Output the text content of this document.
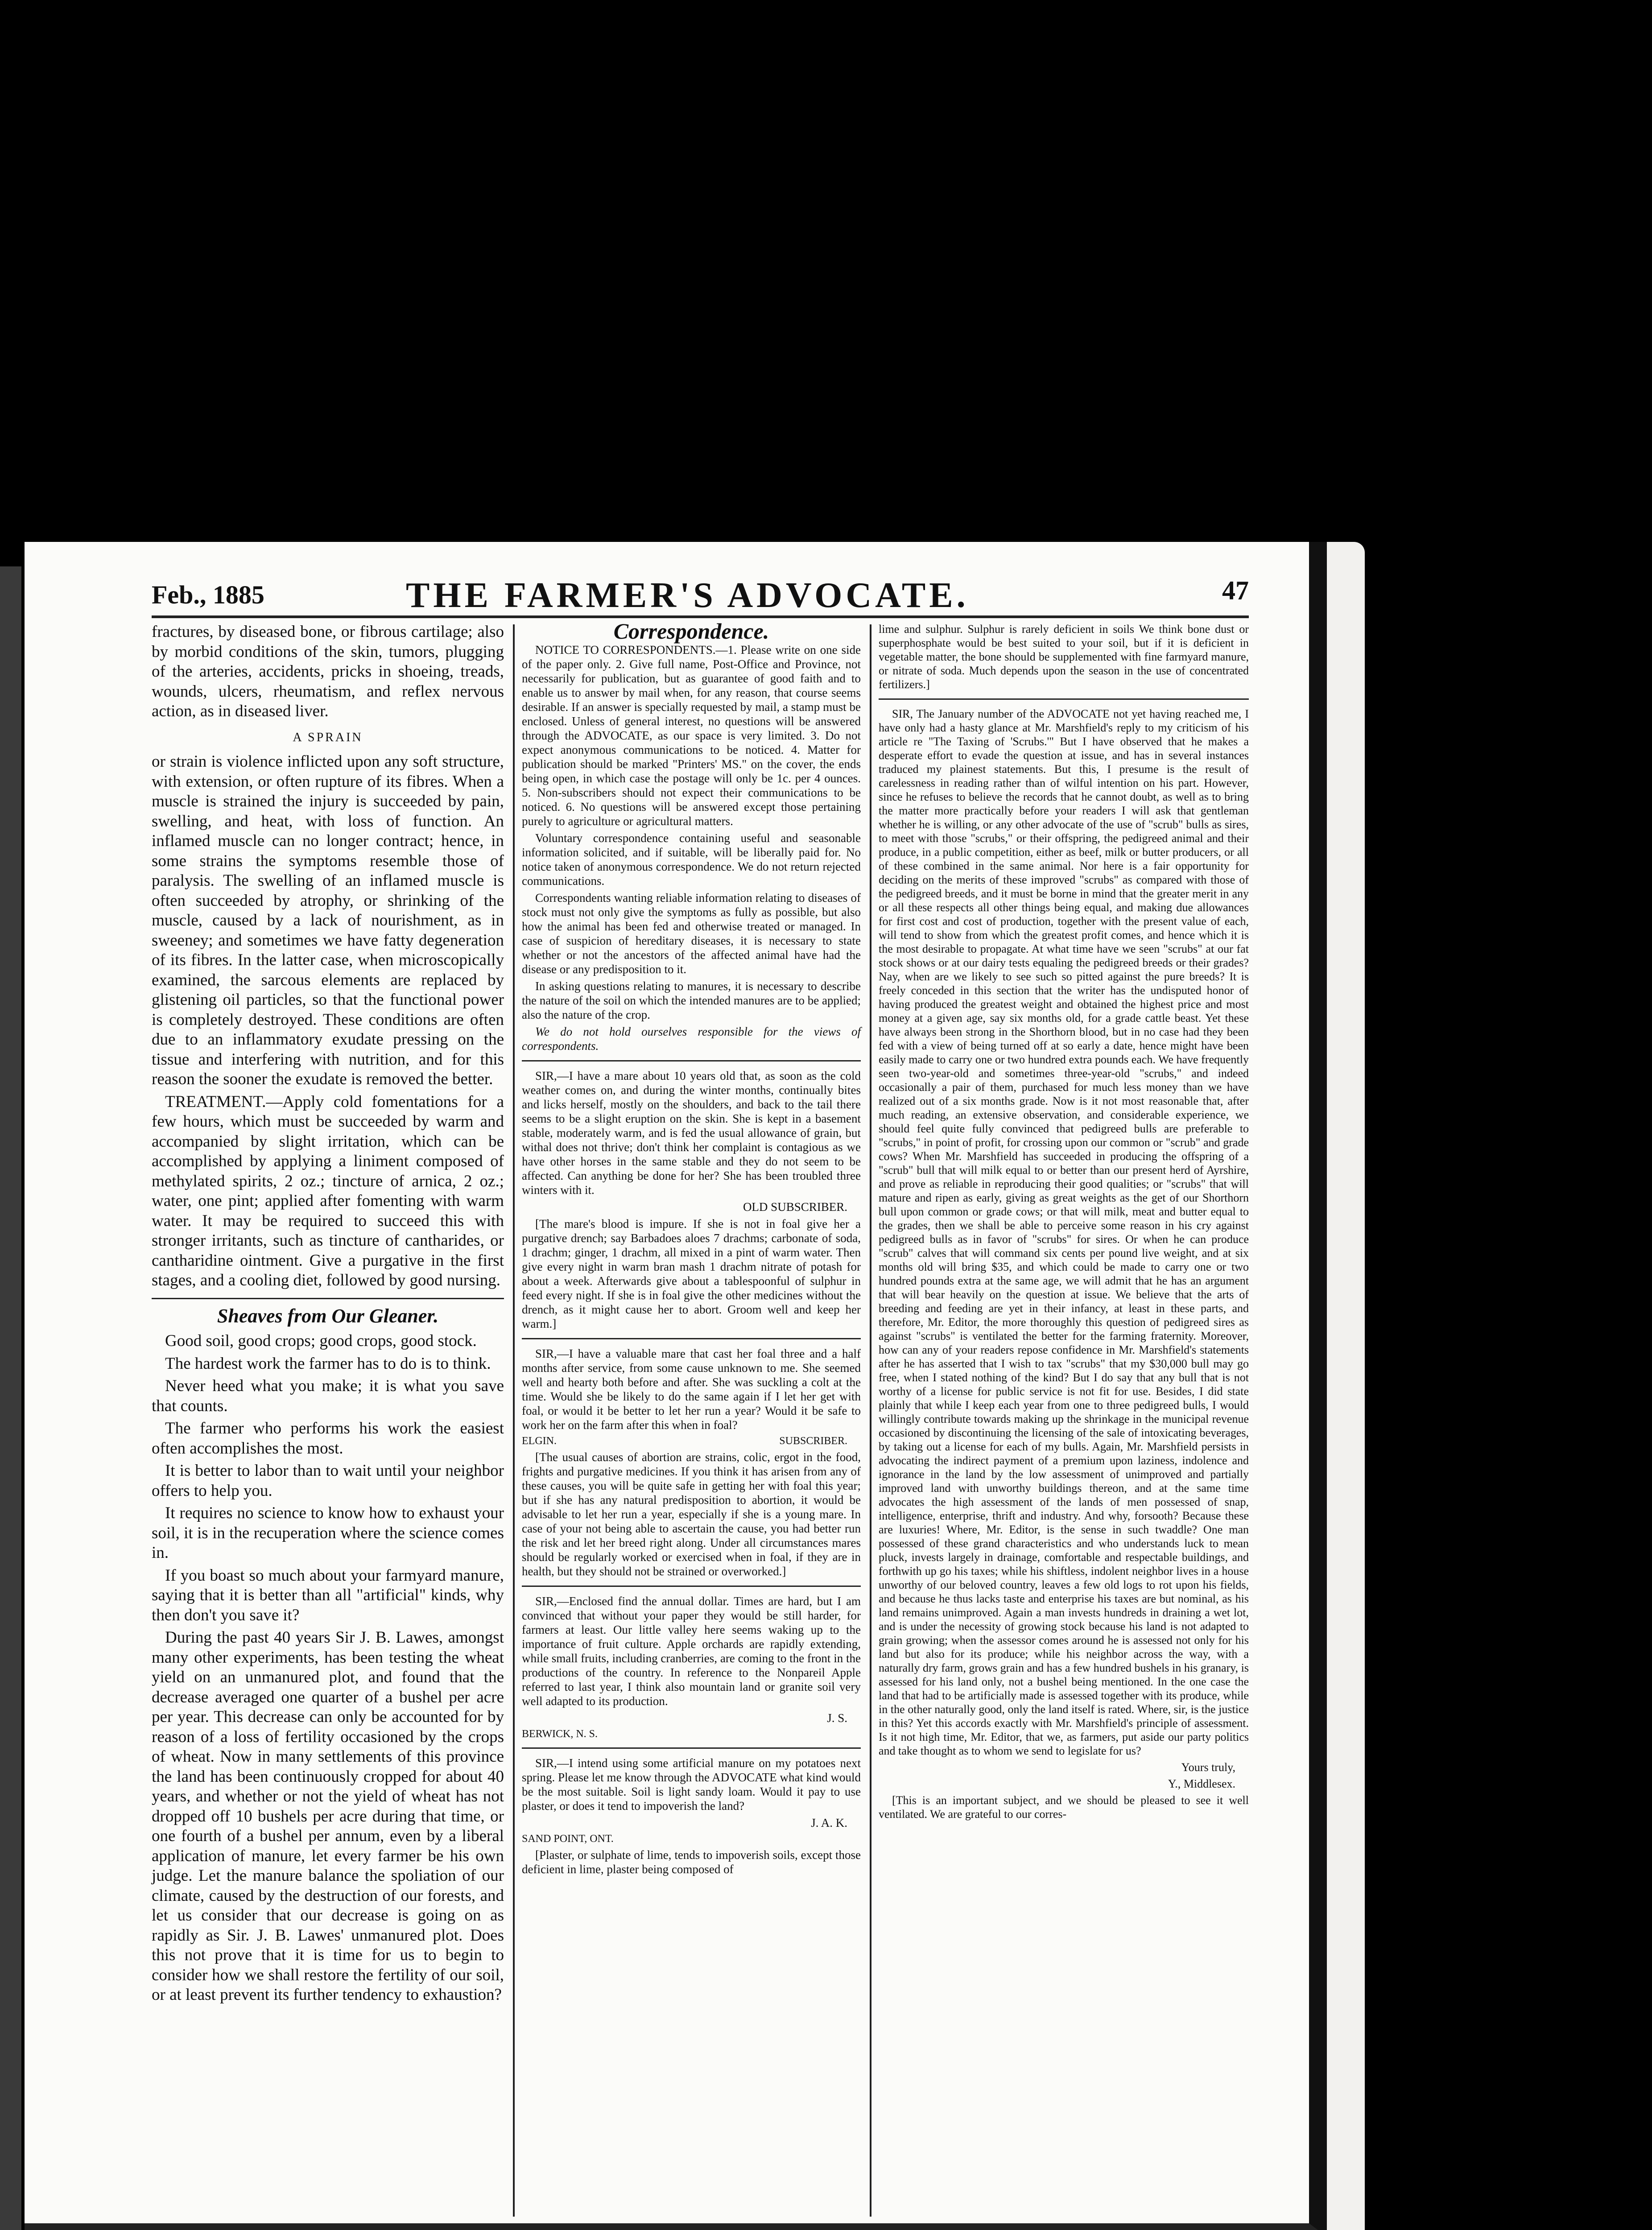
Feb., 1885	THE FARMER'S ADVOCATE.	47

fractures, by diseased bone, or fibrous cartilage; also by morbid conditions of the skin, tumors, plugging of the arteries, accidents, pricks in shoeing, treads, wounds, ulcers, rheumatism, and reflex nervous action, as in diseased liver.

A SPRAIN

or strain is violence inflicted upon any soft structure, with extension, or often rupture of its fibres. When a muscle is strained the injury is succeeded by pain, swelling, and heat, with loss of function. An inflamed muscle can no longer contract; hence, in some strains the symptoms resemble those of paralysis. The swelling of an inflamed muscle is often succeeded by atrophy, or shrinking of the muscle, caused by a lack of nourishment, as in sweeney; and sometimes we have fatty degeneration of its fibres. In the latter case, when microscopically examined, the sarcous elements are replaced by glistening oil particles, so that the functional power is completely destroyed. These conditions are often due to an inflammatory exudate pressing on the tissue and interfering with nutrition, and for this reason the sooner the exudate is removed the better.

TREATMENT.—Apply cold fomentations for a few hours, which must be succeeded by warm and accompanied by slight irritation, which can be accomplished by applying a liniment composed of methylated spirits, 2 oz.; tincture of arnica, 2 oz.; water, one pint; applied after fomenting with warm water. It may be required to succeed this with stronger irritants, such as tincture of cantharides, or cantharidine ointment. Give a purgative in the first stages, and a cooling diet, followed by good nursing.

Sheaves from Our Gleaner.

Good soil, good crops; good crops, good stock.

The hardest work the farmer has to do is to think.

Never heed what you make; it is what you save that counts.

The farmer who performs his work the easiest often accomplishes the most.

It is better to labor than to wait until your neighbor offers to help you.

It requires no science to know how to exhaust your soil, it is in the recuperation where the science comes in.

If you boast so much about your farmyard manure, saying that it is better than all "artificial" kinds, why then don't you save it?

During the past 40 years Sir J. B. Lawes, amongst many other experiments, has been testing the wheat yield on an unmanured plot, and found that the decrease averaged one quarter of a bushel per acre per year. This decrease can only be accounted for by reason of a loss of fertility occasioned by the crops of wheat. Now in many settlements of this province the land has been continuously cropped for about 40 years, and whether or not the yield of wheat has not dropped off 10 bushels per acre during that time, or one fourth of a bushel per annum, even by a liberal application of manure, let every farmer be his own judge. Let the manure balance the spoliation of our climate, caused by the destruction of our forests, and let us consider that our decrease is going on as rapidly as Sir. J. B. Lawes' unmanured plot. Does this not prove that it is time for us to begin to consider how we shall restore the fertility of our soil, or at least prevent its further tendency to exhaustion?

Correspondence.

NOTICE TO CORRESPONDENTS.—1. Please write on one side of the paper only. 2. Give full name, Post-Office and Province, not necessarily for publication, but as guarantee of good faith and to enable us to answer by mail when, for any reason, that course seems desirable. If an answer is specially requested by mail, a stamp must be enclosed. Unless of general interest, no questions will be answered through the ADVOCATE, as our space is very limited. 3. Do not expect anonymous communications to be noticed. 4. Matter for publication should be marked "Printers' MS." on the cover, the ends being open, in which case the postage will only be 1c. per 4 ounces. 5. Non-subscribers should not expect their communications to be noticed. 6. No questions will be answered except those pertaining purely to agriculture or agricultural matters.

Voluntary correspondence containing useful and seasonable information solicited, and if suitable, will be liberally paid for. No notice taken of anonymous correspondence. We do not return rejected communications.

Correspondents wanting reliable information relating to diseases of stock must not only give the symptoms as fully as possible, but also how the animal has been fed and otherwise treated or managed. In case of suspicion of hereditary diseases, it is necessary to state whether or not the ancestors of the affected animal have had the disease or any predisposition to it.

In asking questions relating to manures, it is necessary to describe the nature of the soil on which the intended manures are to be applied; also the nature of the crop.

We do not hold ourselves responsible for the views of correspondents.

SIR,—I have a mare about 10 years old that, as soon as the cold weather comes on, and during the winter months, continually bites and licks herself, mostly on the shoulders, and back to the tail there seems to be a slight eruption on the skin. She is kept in a basement stable, moderately warm, and is fed the usual allowance of grain, but withal does not thrive; don't think her complaint is contagious as we have other horses in the same stable and they do not seem to be affected. Can anything be done for her? She has been troubled three winters with it.

OLD SUBSCRIBER.

[The mare's blood is impure. If she is not in foal give her a purgative drench; say Barbadoes aloes 7 drachms; carbonate of soda, 1 drachm; ginger, 1 drachm, all mixed in a pint of warm water. Then give every night in warm bran mash 1 drachm nitrate of potash for about a week. Afterwards give about a tablespoonful of sulphur in feed every night. If she is in foal give the other medicines without the drench, as it might cause her to abort. Groom well and keep her warm.]

SIR,—I have a valuable mare that cast her foal three and a half months after service, from some cause unknown to me. She seemed well and hearty both before and after. She was suckling a colt at the time. Would she be likely to do the same again if I let her get with foal, or would it be better to let her run a year? Would it be safe to work her on the farm after this when in foal?

ELGIN.	SUBSCRIBER.

[The usual causes of abortion are strains, colic, ergot in the food, frights and purgative medicines. If you think it has arisen from any of these causes, you will be quite safe in getting her with foal this year; but if she has any natural predisposition to abortion, it would be advisable to let her run a year, especially if she is a young mare. In case of your not being able to ascertain the cause, you had better run the risk and let her breed right along. Under all circumstances mares should be regularly worked or exercised when in foal, if they are in health, but they should not be strained or overworked.]

SIR,—Enclosed find the annual dollar. Times are hard, but I am convinced that without your paper they would be still harder, for farmers at least. Our little valley here seems waking up to the importance of fruit culture. Apple orchards are rapidly extending, while small fruits, including cranberries, are coming to the front in the productions of the country. In reference to the Nonpareil Apple referred to last year, I think also mountain land or granite soil very well adapted to its production.

J. S.

BERWICK, N. S.

SIR,—I intend using some artificial manure on my potatoes next spring. Please let me know through the ADVOCATE what kind would be the most suitable. Soil is light sandy loam. Would it pay to use plaster, or does it tend to impoverish the land?

J. A. K.

SAND POINT, ONT.

[Plaster, or sulphate of lime, tends to impoverish soils, except those deficient in lime, plaster being composed of

lime and sulphur. Sulphur is rarely deficient in soils We think bone dust or superphosphate would be best suited to your soil, but if it is deficient in vegetable matter, the bone should be supplemented with fine farmyard manure, or nitrate of soda. Much depends upon the season in the use of concentrated fertilizers.]

SIR, The January number of the ADVOCATE not yet having reached me, I have only had a hasty glance at Mr. Marshfield's reply to my criticism of his article re "The Taxing of 'Scrubs.'" But I have observed that he makes a desperate effort to evade the question at issue, and has in several instances traduced my plainest statements. But this, I presume is the result of carelessness in reading rather than of wilful intention on his part. However, since he refuses to believe the records that he cannot doubt, as well as to bring the matter more practically before your readers I will ask that gentleman whether he is willing, or any other advocate of the use of "scrub" bulls as sires, to meet with those "scrubs," or their offspring, the pedigreed animal and their produce, in a public competition, either as beef, milk or butter producers, or all of these combined in the same animal. Nor here is a fair opportunity for deciding on the merits of these improved "scrubs" as compared with those of the pedigreed breeds, and it must be borne in mind that the greater merit in any or all these respects all other things being equal, and making due allowances for first cost and cost of production, together with the present value of each, will tend to show from which the greatest profit comes, and hence which it is the most desirable to propagate. At what time have we seen "scrubs" at our fat stock shows or at our dairy tests equaling the pedigreed breeds or their grades? Nay, when are we likely to see such so pitted against the pure breeds? It is freely conceded in this section that the writer has the undisputed honor of having produced the greatest weight and obtained the highest price and most money at a given age, say six months old, for a grade cattle beast. Yet these have always been strong in the Shorthorn blood, but in no case had they been fed with a view of being turned off at so early a date, hence might have been easily made to carry one or two hundred extra pounds each. We have frequently seen two-year-old and sometimes three-year-old "scrubs," and indeed occasionally a pair of them, purchased for much less money than we have realized out of a six months grade. Now is it not most reasonable that, after much reading, an extensive observation, and considerable experience, we should feel quite fully convinced that pedigreed bulls are preferable to "scrubs," in point of profit, for crossing upon our common or "scrub" and grade cows? When Mr. Marshfield has succeeded in producing the offspring of a "scrub" bull that will milk equal to or better than our present herd of Ayrshire, and prove as reliable in reproducing their good qualities; or "scrubs" that will mature and ripen as early, giving as great weights as the get of our Shorthorn bull upon common or grade cows; or that will milk, meat and butter equal to the grades, then we shall be able to perceive some reason in his cry against pedigreed bulls as in favor of "scrubs" for sires. Or when he can produce "scrub" calves that will command six cents per pound live weight, and at six months old will bring $35, and which could be made to carry one or two hundred pounds extra at the same age, we will admit that he has an argument that will bear heavily on the question at issue. We believe that the arts of breeding and feeding are yet in their infancy, at least in these parts, and therefore, Mr. Editor, the more thoroughly this question of pedigreed sires as against "scrubs" is ventilated the better for the farming fraternity. Moreover, how can any of your readers repose confidence in Mr. Marshfield's statements after he has asserted that I wish to tax "scrubs" that my $30,000 bull may go free, when I stated nothing of the kind? But I do say that any bull that is not worthy of a license for public service is not fit for use. Besides, I did state plainly that while I keep each year from one to three pedigreed bulls, I would willingly contribute towards making up the shrinkage in the municipal revenue occasioned by discontinuing the licensing of the sale of intoxicating beverages, by taking out a license for each of my bulls. Again, Mr. Marshfield persists in advocating the indirect payment of a premium upon laziness, indolence and ignorance in the land by the low assessment of unimproved and partially improved land with unworthy buildings thereon, and at the same time advocates the high assessment of the lands of men possessed of snap, intelligence, enterprise, thrift and industry. And why, forsooth? Because these are luxuries! Where, Mr. Editor, is the sense in such twaddle? One man possessed of these grand characteristics and who understands luck to mean pluck, invests largely in drainage, comfortable and respectable buildings, and forthwith up go his taxes; while his shiftless, indolent neighbor lives in a house unworthy of our beloved country, leaves a few old logs to rot upon his fields, and because he thus lacks taste and enterprise his taxes are but nominal, as his land remains unimproved. Again a man invests hundreds in draining a wet lot, and is under the necessity of growing stock because his land is not adapted to grain growing; when the assessor comes around he is assessed not only for his land but also for its produce; while his neighbor across the way, with a naturally dry farm, grows grain and has a few hundred bushels in his granary, is assessed for his land only, not a bushel being mentioned. In the one case the land that had to be artificially made is assessed together with its produce, while in the other naturally good, only the land itself is rated. Where, sir, is the justice in this? Yet this accords exactly with Mr. Marshfield's principle of assessment. Is it not high time, Mr. Editor, that we, as farmers, put aside our party politics and take thought as to whom we send to legislate for us?

Yours truly,

Y., Middlesex.

[This is an important subject, and we should be pleased to see it well ventilated. We are grateful to our corres-
